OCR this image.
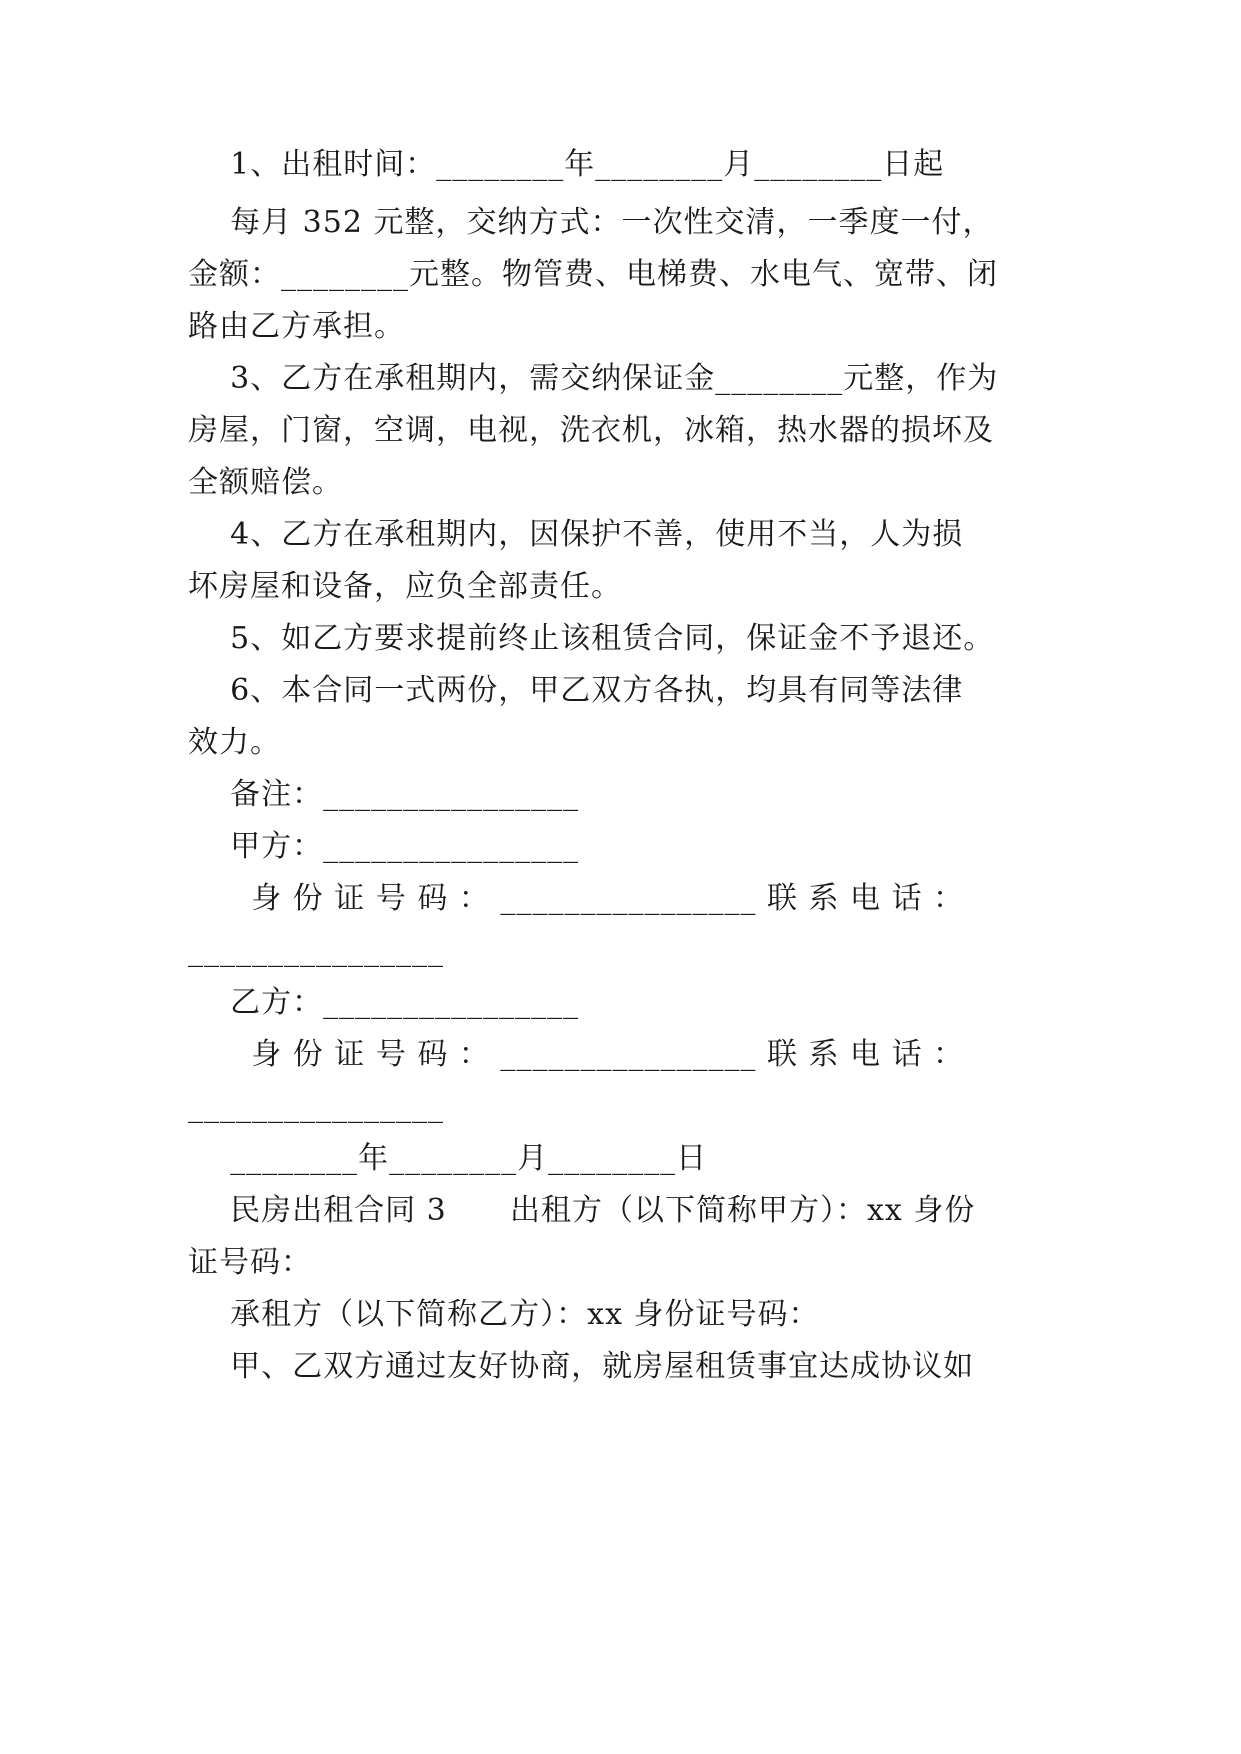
1、出租时间：________年________月________日起
每月 352 元整，交纳方式：一次性交清，一季度一付，
金额：________元整。物管费、电梯费、水电气、宽带、闭
路由乙方承担。
3、乙方在承租期内，需交纳保证金________元整，作为
房屋，门窗，空调，电视，洗衣机，冰箱，热水器的损坏及
全额赔偿。
4、乙方在承租期内，因保护不善，使用不当，人为损
坏房屋和设备，应负全部责任。
5、如乙方要求提前终止该租赁合同，保证金不予退还。
6、本合同一式两份，甲乙双方各执，均具有同等法律
效力。
备注：________________
甲方：________________
身 份 证 号 码 ： ________________ 联 系 电 话 ：
________________
乙方：________________
身 份 证 号 码 ： ________________ 联 系 电 话 ：
________________
________年________月________日
民房出租合同 3      出租方（以下简称甲方）：xx 身份
证号码：
承租方（以下简称乙方）：xx 身份证号码：
甲、乙双方通过友好协商，就房屋租赁事宜达成协议如
